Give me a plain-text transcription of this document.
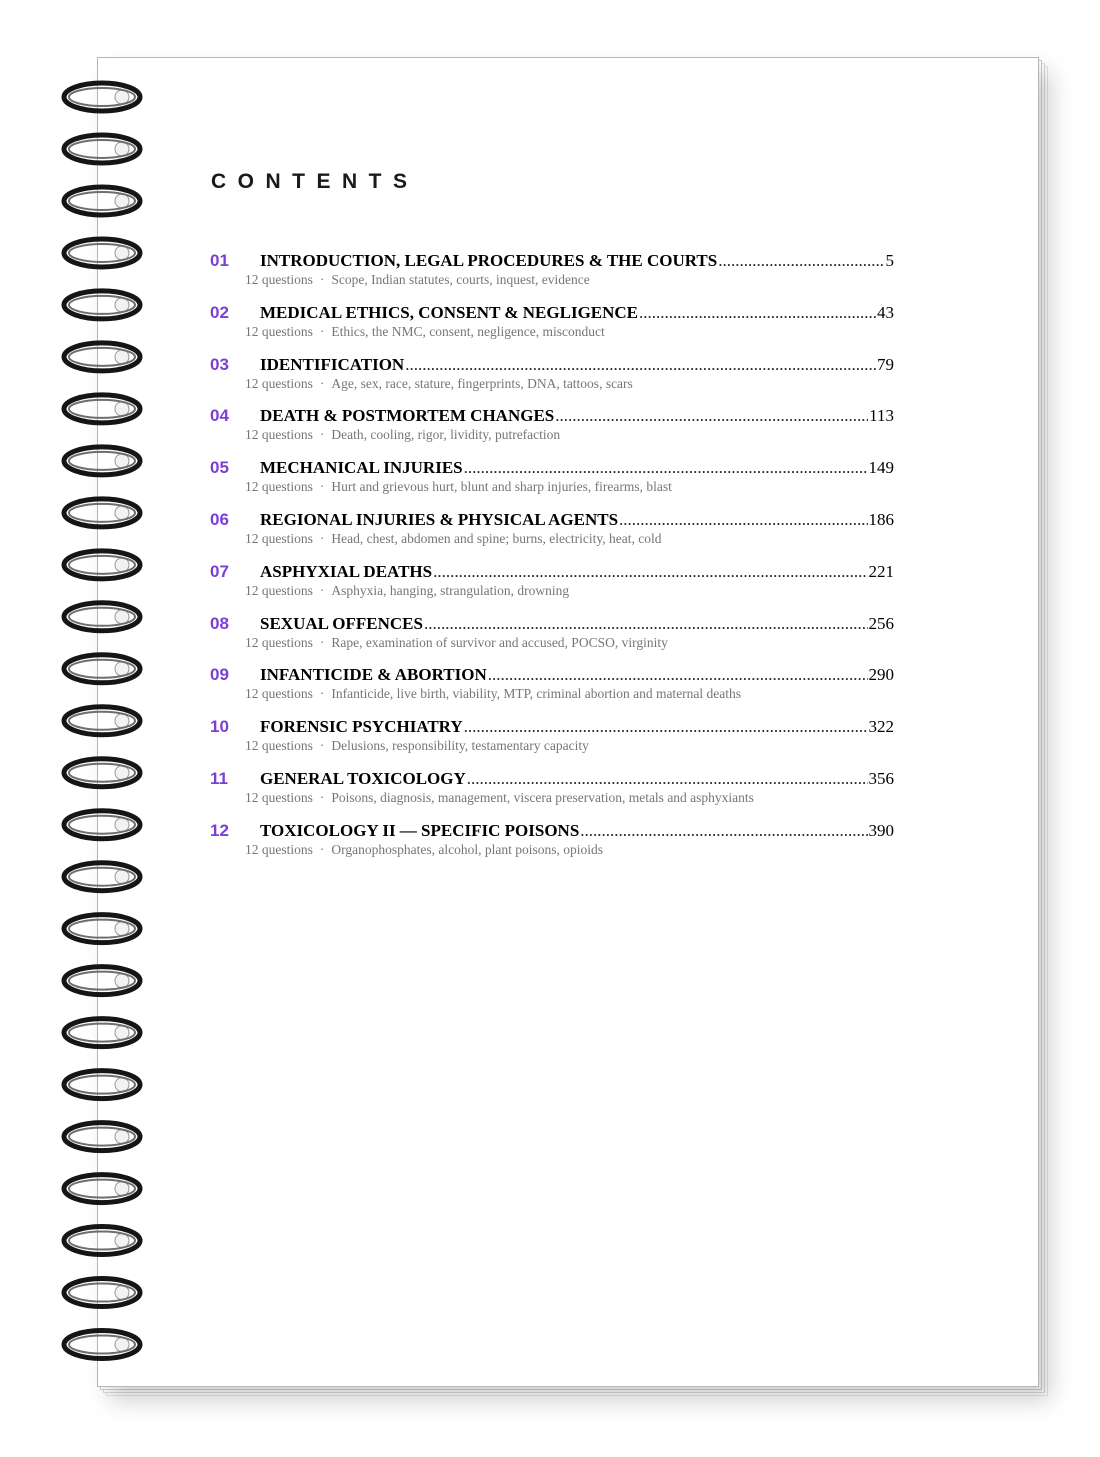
CONTENTS
01 INTRODUCTION, LEGAL PROCEDURES & THE COURTS .....	5
12 questions · Scope, Indian statutes, courts, inquest, evidence
02 MEDICAL ETHICS, CONSENT & NEGLIGENCE .....	43
12 questions · Ethics, the NMC, consent, negligence, misconduct
03 IDENTIFICATION .....	79
12 questions · Age, sex, race, stature, fingerprints, DNA, tattoos, scars
04 DEATH & POSTMORTEM CHANGES .....	113
12 questions · Death, cooling, rigor, lividity, putrefaction
05 MECHANICAL INJURIES .....	149
12 questions · Hurt and grievous hurt, blunt and sharp injuries, firearms, blast
06 REGIONAL INJURIES & PHYSICAL AGENTS .....	186
12 questions · Head, chest, abdomen and spine; burns, electricity, heat, cold
07 ASPHYXIAL DEATHS .....	221
12 questions · Asphyxia, hanging, strangulation, drowning
08 SEXUAL OFFENCES .....	256
12 questions · Rape, examination of survivor and accused, POCSO, virginity
09 INFANTICIDE & ABORTION .....	290
12 questions · Infanticide, live birth, viability, MTP, criminal abortion and maternal deaths
10 FORENSIC PSYCHIATRY .....	322
12 questions · Delusions, responsibility, testamentary capacity
11 GENERAL TOXICOLOGY .....	356
12 questions · Poisons, diagnosis, management, viscera preservation, metals and asphyxiants
12 TOXICOLOGY II — SPECIFIC POISONS .....	390
12 questions · Organophosphates, alcohol, plant poisons, opioids
